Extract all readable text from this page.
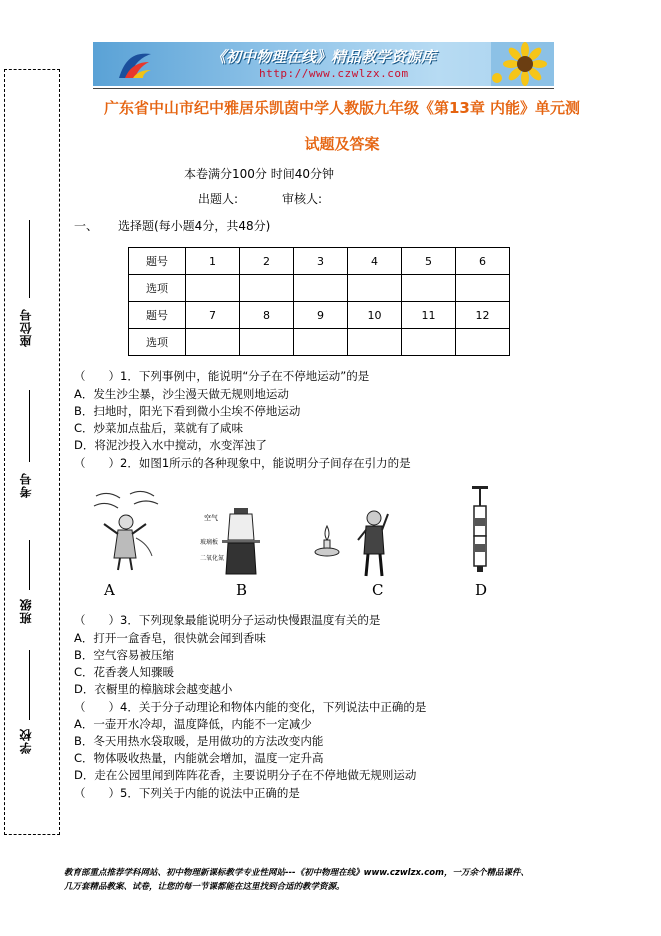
《初中物理在线》精品教学资源库
http://www.czwlzx.com
座位号
考号
班级
学校
广东省中山市纪中雅居乐凯茵中学人教版九年级《第13章 内能》单元测
试题及答案
本卷满分100分 时间40分钟
出题人:	审核人:
一、 选择题(每小题4分，共48分)
题号	1	2	3	4	5	6
选项						
题号	7	8	9	10	11	12
选项						
（　　）1．下列事例中，能说明“分子在不停地运动”的是
A．发生沙尘暴，沙尘漫天做无规则地运动
B．扫地时，阳光下看到微小尘埃不停地运动
C．炒菜加点盐后，菜就有了咸味
D．将泥沙投入水中搅动，水变浑浊了
（　　）2．如图1所示的各种现象中，能说明分子间存在引力的是
A
空气
玻璃板
二氧化氮
B	C	D
（　　）3．下列现象最能说明分子运动快慢跟温度有关的是
A．打开一盒香皂，很快就会闻到香味
B．空气容易被压缩
C．花香袭人知骤暖
D．衣橱里的樟脑球会越变越小
（　　）4．关于分子动理论和物体内能的变化，下列说法中正确的是
A．一壶开水冷却，温度降低，内能不一定减少
B．冬天用热水袋取暖，是用做功的方法改变内能
C．物体吸收热量，内能就会增加，温度一定升高
D．走在公园里闻到阵阵花香，主要说明分子在不停地做无规则运动
（　　）5．下列关于内能的说法中正确的是
教育部重点推荐学科网站、初中物理新课标教学专业性网站---《初中物理在线》www.czwlzx.com，一万余个精品课件、
几万套精品教案、试卷，让您的每一节课都能在这里找到合适的教学资源。
